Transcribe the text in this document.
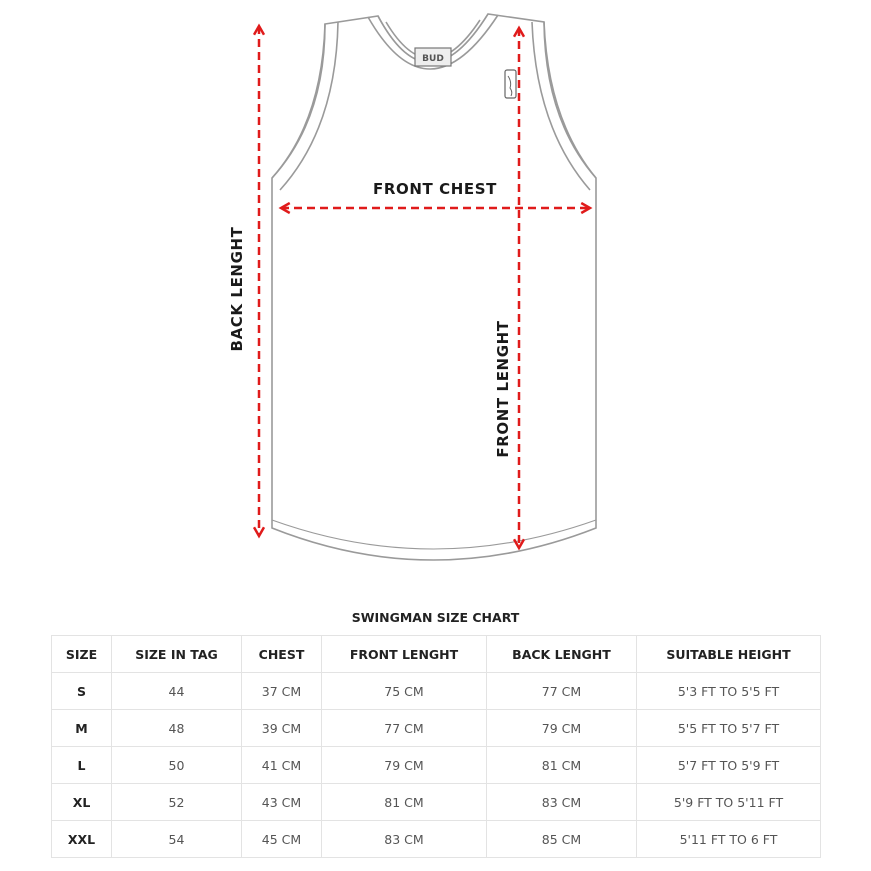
BUD
FRONT CHEST
BACK LENGHT
FRONT LENGHT
SWINGMAN SIZE CHART
SIZE	SIZE IN TAG	CHEST	FRONT LENGHT	BACK LENGHT	SUITABLE HEIGHT
S	44	37 CM	75 CM	77 CM	5'3 FT TO 5'5 FT
M	48	39 CM	77 CM	79 CM	5'5 FT TO 5'7 FT
L	50	41 CM	79 CM	81 CM	5'7 FT TO 5'9 FT
XL	52	43 CM	81 CM	83 CM	5'9 FT TO 5'11 FT
XXL	54	45 CM	83 CM	85 CM	5'11 FT TO 6 FT
